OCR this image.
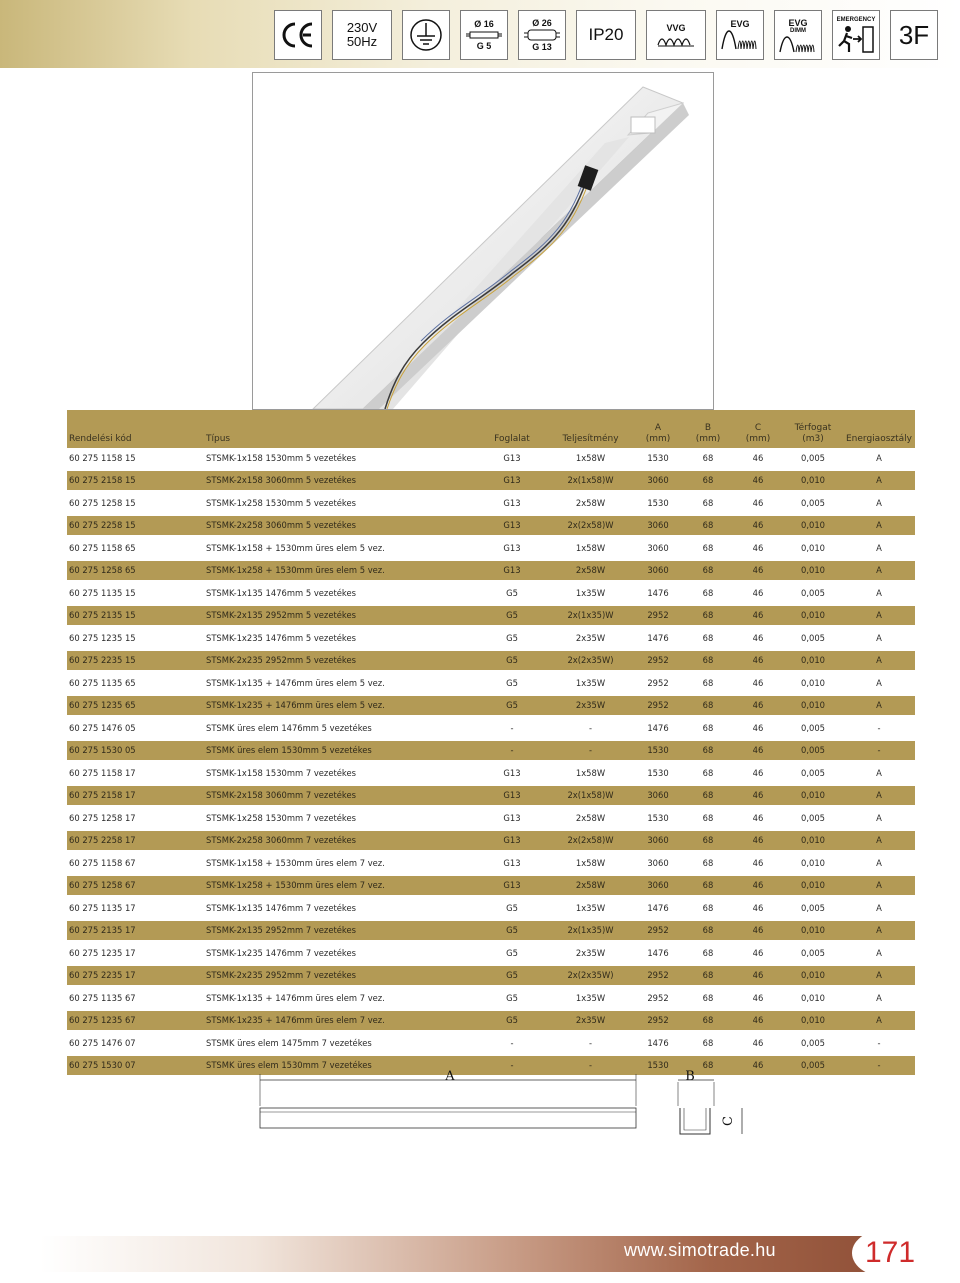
230V
50Hz
Ø 16
G 5
Ø 26
G 13
IP20	VVG	EVG	EVG
DIMM
EMERGENCY 3F
Rendelési kód	Típus	Foglalat	Teljesítmény	A
(mm)	B
(mm)	C
(mm)	Térfogat
(m3)	Energiaosztály
60 275 1158 15	STSMK-1x158 1530mm 5 vezetékes	G13	1x58W	1530	68	46	0,005	A

60 275 2158 15	STSMK-2x158 3060mm 5 vezetékes	G13	2x(1x58)W	3060	68	46	0,010	A

60 275 1258 15	STSMK-1x258 1530mm 5 vezetékes	G13	2x58W	1530	68	46	0,005	A

60 275 2258 15	STSMK-2x258 3060mm 5 vezetékes	G13	2x(2x58)W	3060	68	46	0,010	A

60 275 1158 65	STSMK-1x158 + 1530mm üres elem 5 vez.	G13	1x58W	3060	68	46	0,010	A

60 275 1258 65	STSMK-1x258 + 1530mm üres elem 5 vez.	G13	2x58W	3060	68	46	0,010	A

60 275 1135 15	STSMK-1x135 1476mm 5 vezetékes	G5	1x35W	1476	68	46	0,005	A

60 275 2135 15	STSMK-2x135 2952mm 5 vezetékes	G5	2x(1x35)W	2952	68	46	0,010	A

60 275 1235 15	STSMK-1x235 1476mm 5 vezetékes	G5	2x35W	1476	68	46	0,005	A

60 275 2235 15	STSMK-2x235 2952mm 5 vezetékes	G5	2x(2x35W)	2952	68	46	0,010	A

60 275 1135 65	STSMK-1x135 + 1476mm üres elem 5 vez.	G5	1x35W	2952	68	46	0,010	A

60 275 1235 65	STSMK-1x235 + 1476mm üres elem 5 vez.	G5	2x35W	2952	68	46	0,010	A

60 275 1476 05	STSMK üres elem 1476mm 5 vezetékes	-	-	1476	68	46	0,005	-

60 275 1530 05	STSMK üres elem 1530mm 5 vezetékes	-	-	1530	68	46	0,005	-

60 275 1158 17	STSMK-1x158 1530mm 7 vezetékes	G13	1x58W	1530	68	46	0,005	A

60 275 2158 17	STSMK-2x158 3060mm 7 vezetékes	G13	2x(1x58)W	3060	68	46	0,010	A

60 275 1258 17	STSMK-1x258 1530mm 7 vezetékes	G13	2x58W	1530	68	46	0,005	A

60 275 2258 17	STSMK-2x258 3060mm 7 vezetékes	G13	2x(2x58)W	3060	68	46	0,010	A

60 275 1158 67	STSMK-1x158 + 1530mm üres elem 7 vez.	G13	1x58W	3060	68	46	0,010	A

60 275 1258 67	STSMK-1x258 + 1530mm üres elem 7 vez.	G13	2x58W	3060	68	46	0,010	A

60 275 1135 17	STSMK-1x135 1476mm 7 vezetékes	G5	1x35W	1476	68	46	0,005	A

60 275 2135 17	STSMK-2x135 2952mm 7 vezetékes	G5	2x(1x35)W	2952	68	46	0,010	A

60 275 1235 17	STSMK-1x235 1476mm 7 vezetékes	G5	2x35W	1476	68	46	0,005	A

60 275 2235 17	STSMK-2x235 2952mm 7 vezetékes	G5	2x(2x35W)	2952	68	46	0,010	A

60 275 1135 67	STSMK-1x135 + 1476mm üres elem 7 vez.	G5	1x35W	2952	68	46	0,010	A

60 275 1235 67	STSMK-1x235 + 1476mm üres elem 7 vez.	G5	2x35W	2952	68	46	0,010	A

60 275 1476 07	STSMK üres elem 1475mm 7 vezetékes	-	-	1476	68	46	0,005	-

60 275 1530 07	STSMK üres elem 1530mm 7 vezetékes	-	-	1530	68	46	0,005	-
A	B
C
www.simotrade.hu	171
